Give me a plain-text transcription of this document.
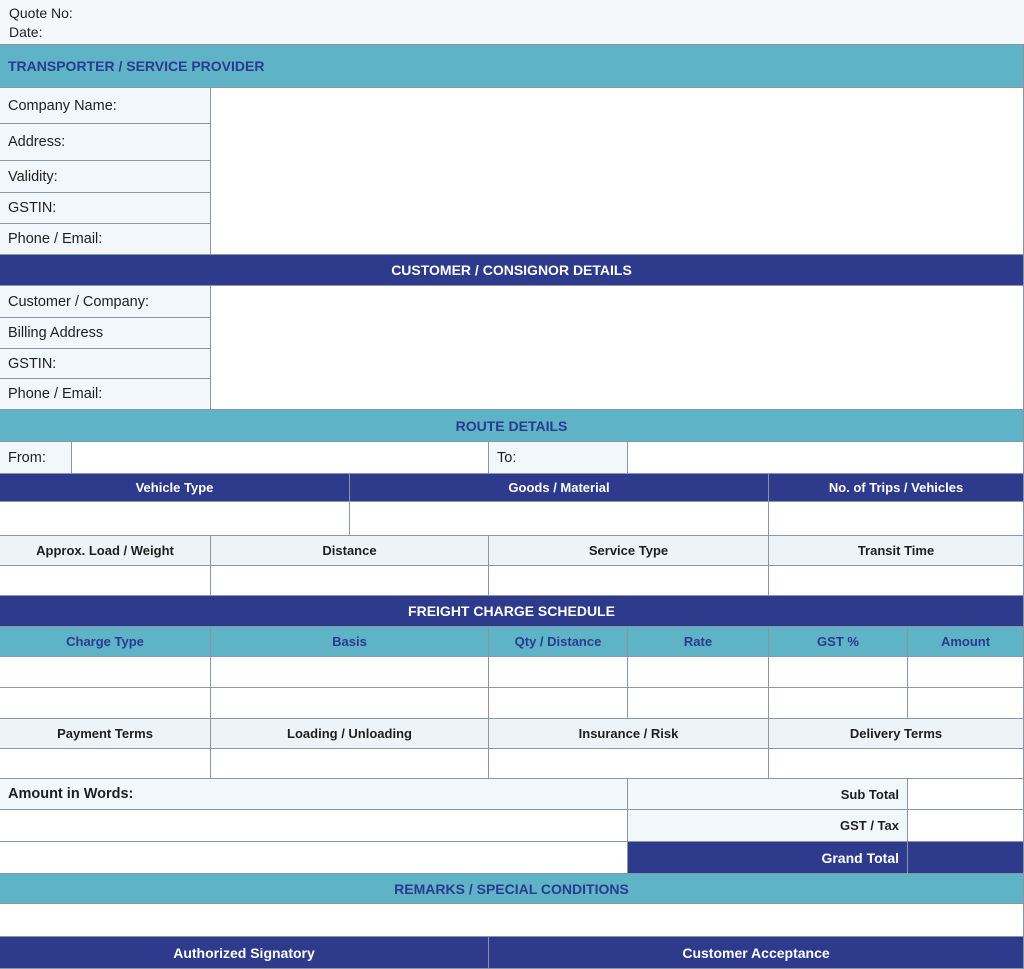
Quote No:
Date:
TRANSPORTER / SERVICE PROVIDER
Company Name:
Address:
Validity:
GSTIN:
Phone / Email:
CUSTOMER / CONSIGNOR DETAILS
Customer / Company:
Billing Address
GSTIN:
Phone / Email:
ROUTE DETAILS
From:	To:
Vehicle Type	Goods / Material	No. of Trips / Vehicles
Approx. Load / Weight	Distance	Service Type	Transit Time
FREIGHT CHARGE SCHEDULE
Charge Type	Basis	Qty / Distance	Rate	GST %	Amount
Payment Terms	Loading / Unloading	Insurance / Risk	Delivery Terms
Amount in Words:	Sub Total
GST / Tax
Grand Total
REMARKS / SPECIAL CONDITIONS
Authorized Signatory	Customer Acceptance
